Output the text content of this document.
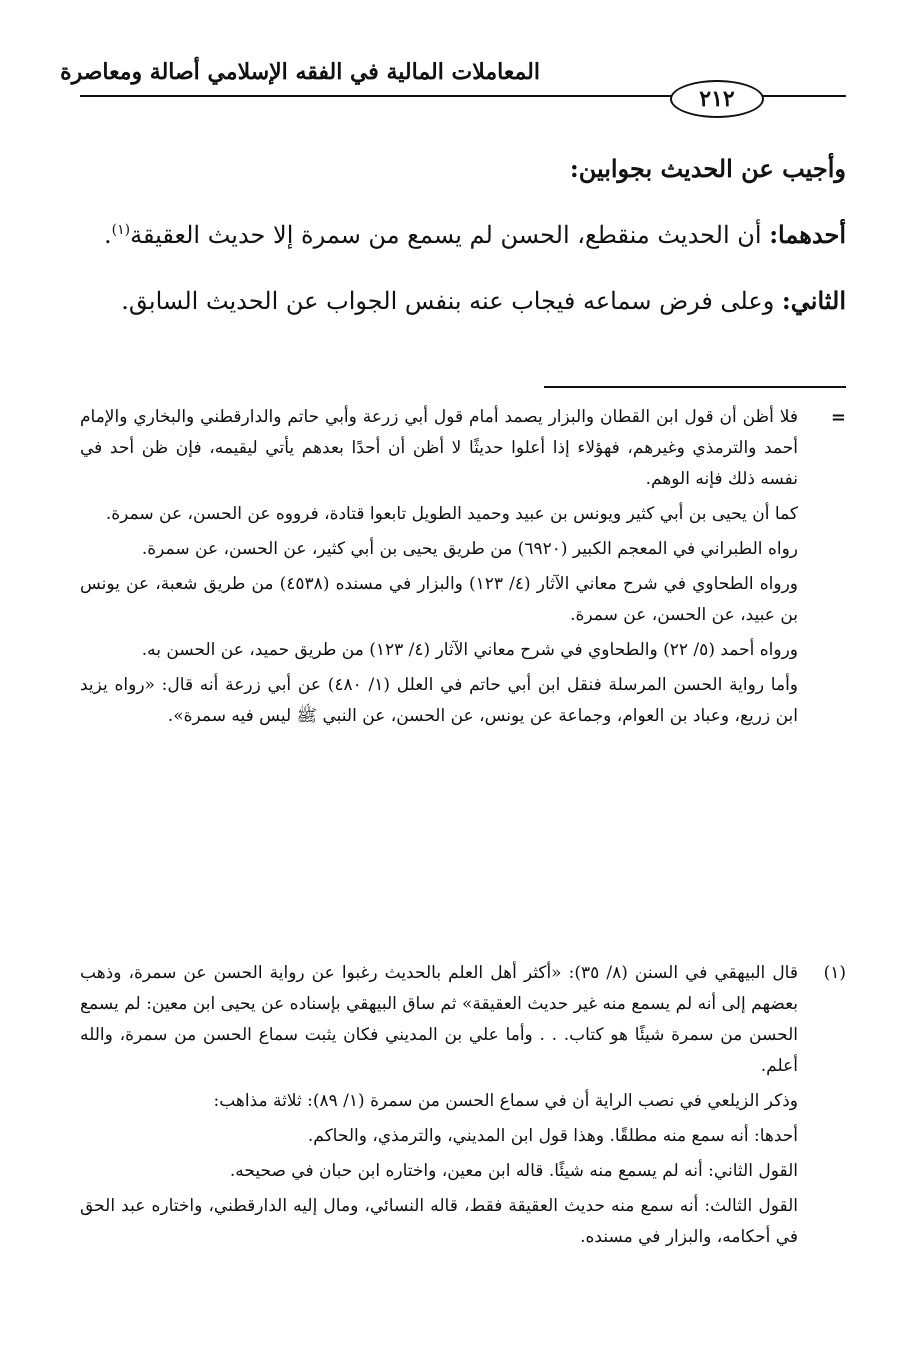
المعاملات المالية في الفقه الإسلامي أصالة ومعاصرة
٢١٢

وأجيب عن الحديث بجوابين:

أحدهما: أن الحديث منقطع، الحسن لم يسمع من سمرة إلا حديث العقيقة$^{(١)}$.

الثاني: وعلى فرض سماعه فيجاب عنه بنفس الجواب عن الحديث السابق.

=

فلا أظن أن قول ابن القطان والبزار يصمد أمام قول أبي زرعة وأبي حاتم والدارقطني والبخاري والإمام أحمد والترمذي وغيرهم، فهؤلاء إذا أعلوا حديثًا لا أظن أن أحدًا بعدهم يأتي ليقيمه، فإن ظن أحد في نفسه ذلك فإنه الوهم.

كما أن يحيى بن أبي كثير ويونس بن عبيد وحميد الطويل تابعوا قتادة، فرووه عن الحسن، عن سمرة.

رواه الطبراني في المعجم الكبير (٦٩٢٠) من طريق يحيى بن أبي كثير، عن الحسن، عن سمرة.

ورواه الطحاوي في شرح معاني الآثار (٤/ ١٢٣) والبزار في مسنده (٤٥٣٨) من طريق شعبة، عن يونس بن عبيد، عن الحسن، عن سمرة.

ورواه أحمد (٥/ ٢٢) والطحاوي في شرح معاني الآثار (٤/ ١٢٣) من طريق حميد، عن الحسن به.

وأما رواية الحسن المرسلة فنقل ابن أبي حاتم في العلل (١/ ٤٨٠) عن أبي زرعة أنه قال: «رواه يزيد ابن زريع، وعباد بن العوام، وجماعة عن يونس، عن الحسن، عن النبي ﷺ ليس فيه سمرة».

(١)

قال البيهقي في السنن (٨/ ٣٥): «أكثر أهل العلم بالحديث رغبوا عن رواية الحسن عن سمرة، وذهب بعضهم إلى أنه لم يسمع منه غير حديث العقيقة» ثم ساق البيهقي بإسناده عن يحيى ابن معين: لم يسمع الحسن من سمرة شيئًا هو كتاب. . . وأما علي بن المديني فكان يثبت سماع الحسن من سمرة، والله أعلم.

وذكر الزيلعي في نصب الراية أن في سماع الحسن من سمرة (١/ ٨٩): ثلاثة مذاهب:

أحدها: أنه سمع منه مطلقًا. وهذا قول ابن المديني، والترمذي، والحاكم.

القول الثاني: أنه لم يسمع منه شيئًا. قاله ابن معين، واختاره ابن حبان في صحيحه.

القول الثالث: أنه سمع منه حديث العقيقة فقط، قاله النسائي، ومال إليه الدارقطني، واختاره عبد الحق في أحكامه، والبزار في مسنده.
